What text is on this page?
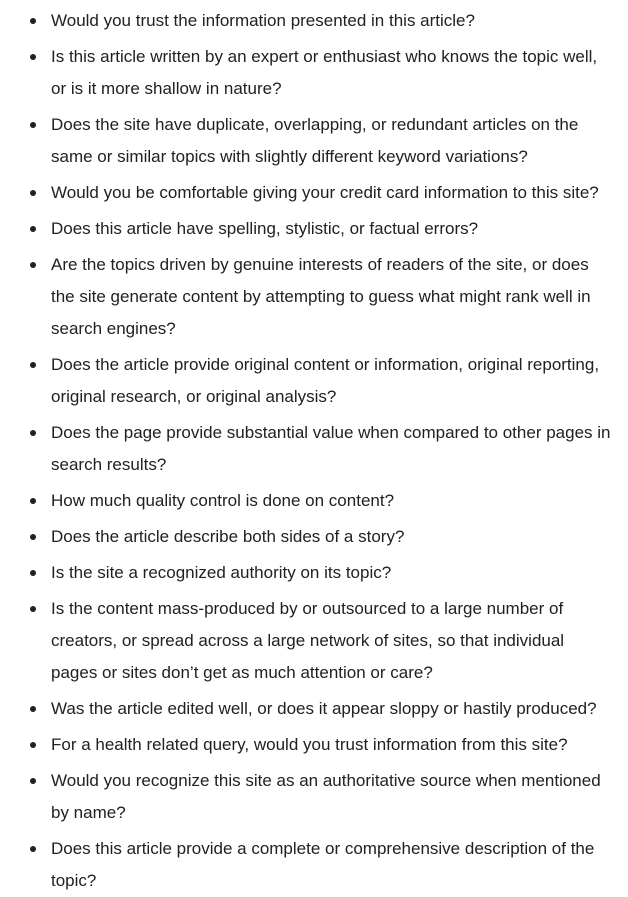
Would you trust the information presented in this article?
Is this article written by an expert or enthusiast who knows the topic well, or is it more shallow in nature?
Does the site have duplicate, overlapping, or redundant articles on the same or similar topics with slightly different keyword variations?
Would you be comfortable giving your credit card information to this site?
Does this article have spelling, stylistic, or factual errors?
Are the topics driven by genuine interests of readers of the site, or does the site generate content by attempting to guess what might rank well in search engines?
Does the article provide original content or information, original reporting, original research, or original analysis?
Does the page provide substantial value when compared to other pages in search results?
How much quality control is done on content?
Does the article describe both sides of a story?
Is the site a recognized authority on its topic?
Is the content mass-produced by or outsourced to a large number of creators, or spread across a large network of sites, so that individual pages or sites don’t get as much attention or care?
Was the article edited well, or does it appear sloppy or hastily produced?
For a health related query, would you trust information from this site?
Would you recognize this site as an authoritative source when mentioned by name?
Does this article provide a complete or comprehensive description of the topic?
